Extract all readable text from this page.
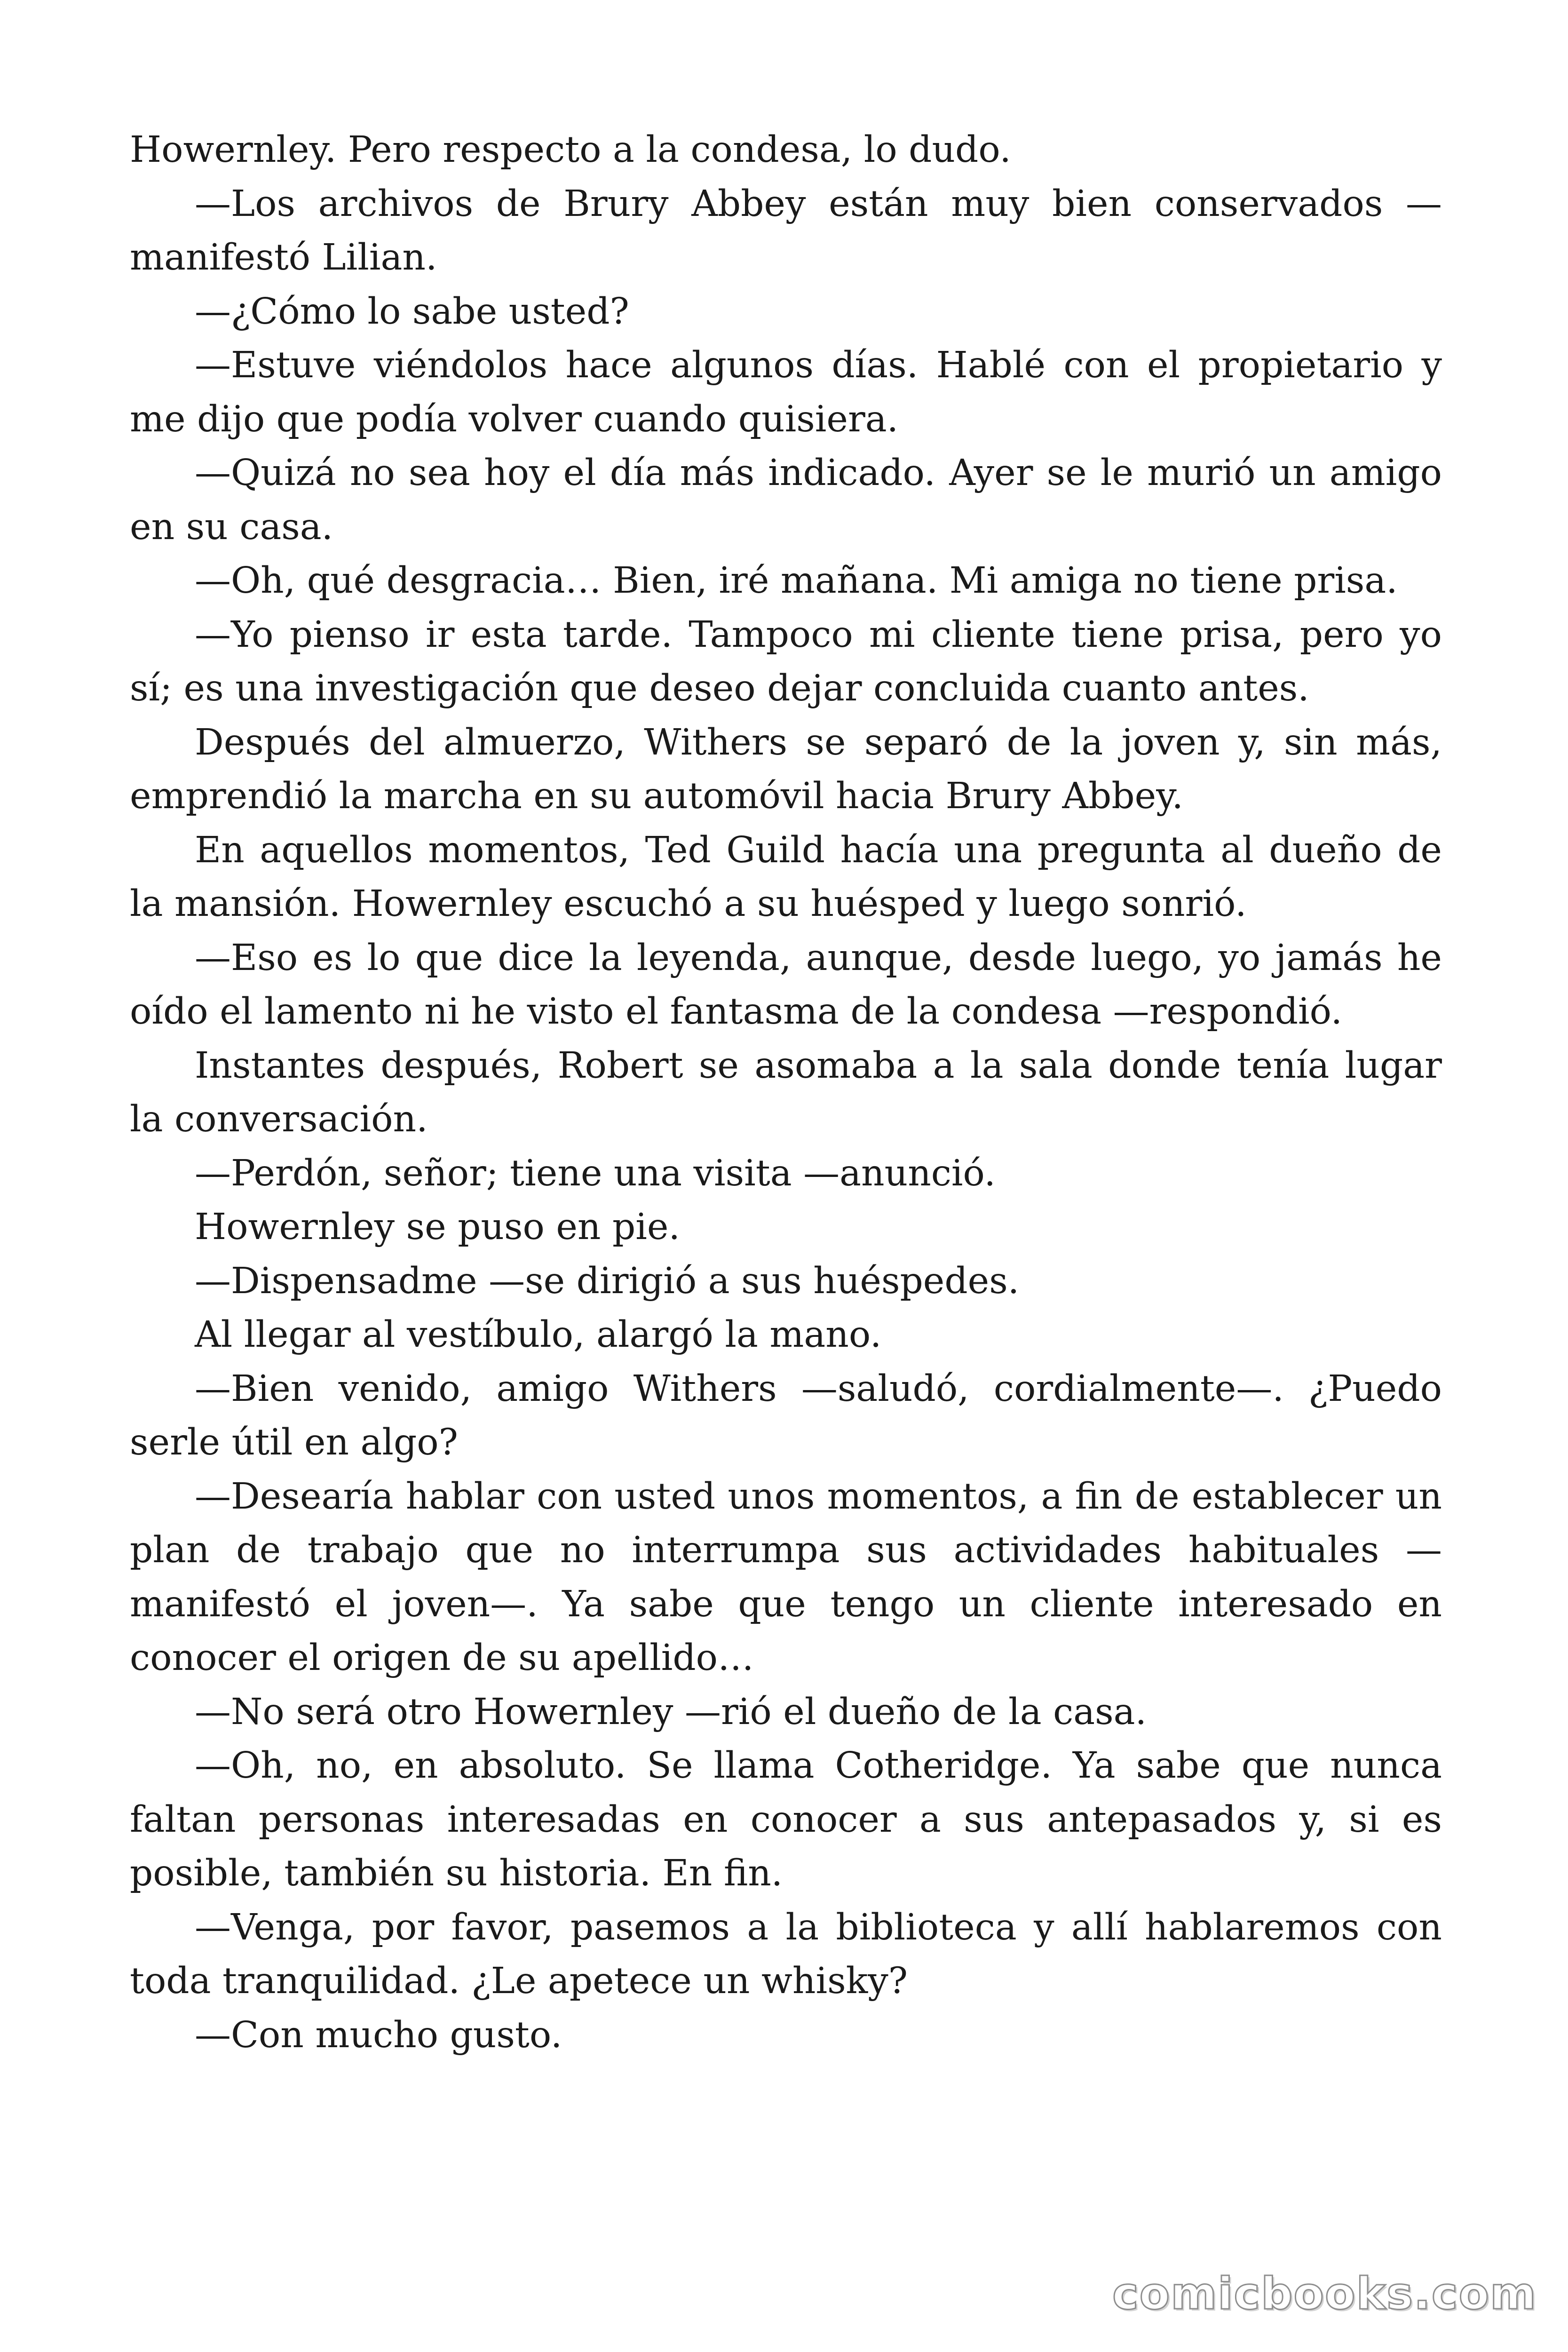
Howernley. Pero respecto a la condesa, lo dudo.

—Los archivos de Brury Abbey están muy bien conservados —manifestó Lilian.

—¿Cómo lo sabe usted?

—Estuve viéndolos hace algunos días. Hablé con el propietario y me dijo que podía volver cuando quisiera.

—Quizá no sea hoy el día más indicado. Ayer se le murió un amigo en su casa.

—Oh, qué desgracia… Bien, iré mañana. Mi amiga no tiene prisa.

—Yo pienso ir esta tarde. Tampoco mi cliente tiene prisa, pero yo sí; es una investigación que deseo dejar concluida cuanto antes.

Después del almuerzo, Withers se separó de la joven y, sin más, emprendió la marcha en su automóvil hacia Brury Abbey.

En aquellos momentos, Ted Guild hacía una pregunta al dueño de la mansión. Howernley escuchó a su huésped y luego sonrió.

—Eso es lo que dice la leyenda, aunque, desde luego, yo jamás he oído el lamento ni he visto el fantasma de la condesa —respondió.

Instantes después, Robert se asomaba a la sala donde tenía lugar la conversación.

—Perdón, señor; tiene una visita —anunció.

Howernley se puso en pie.

—Dispensadme —se dirigió a sus huéspedes.

Al llegar al vestíbulo, alargó la mano.

—Bien venido, amigo Withers —saludó, cordialmente—. ¿Puedo serle útil en algo?

—Desearía hablar con usted unos momentos, a fin de establecer un plan de trabajo que no interrumpa sus actividades habituales —manifestó el joven—. Ya sabe que tengo un cliente interesado en conocer el origen de su apellido…

—No será otro Howernley —rió el dueño de la casa.

—Oh, no, en absoluto. Se llama Cotheridge. Ya sabe que nunca faltan personas interesadas en conocer a sus antepasados y, si es posible, también su historia. En fin.

—Venga, por favor, pasemos a la biblioteca y allí hablaremos con toda tranquilidad. ¿Le apetece un whisky?

—Con mucho gusto.

comicbooks.com
